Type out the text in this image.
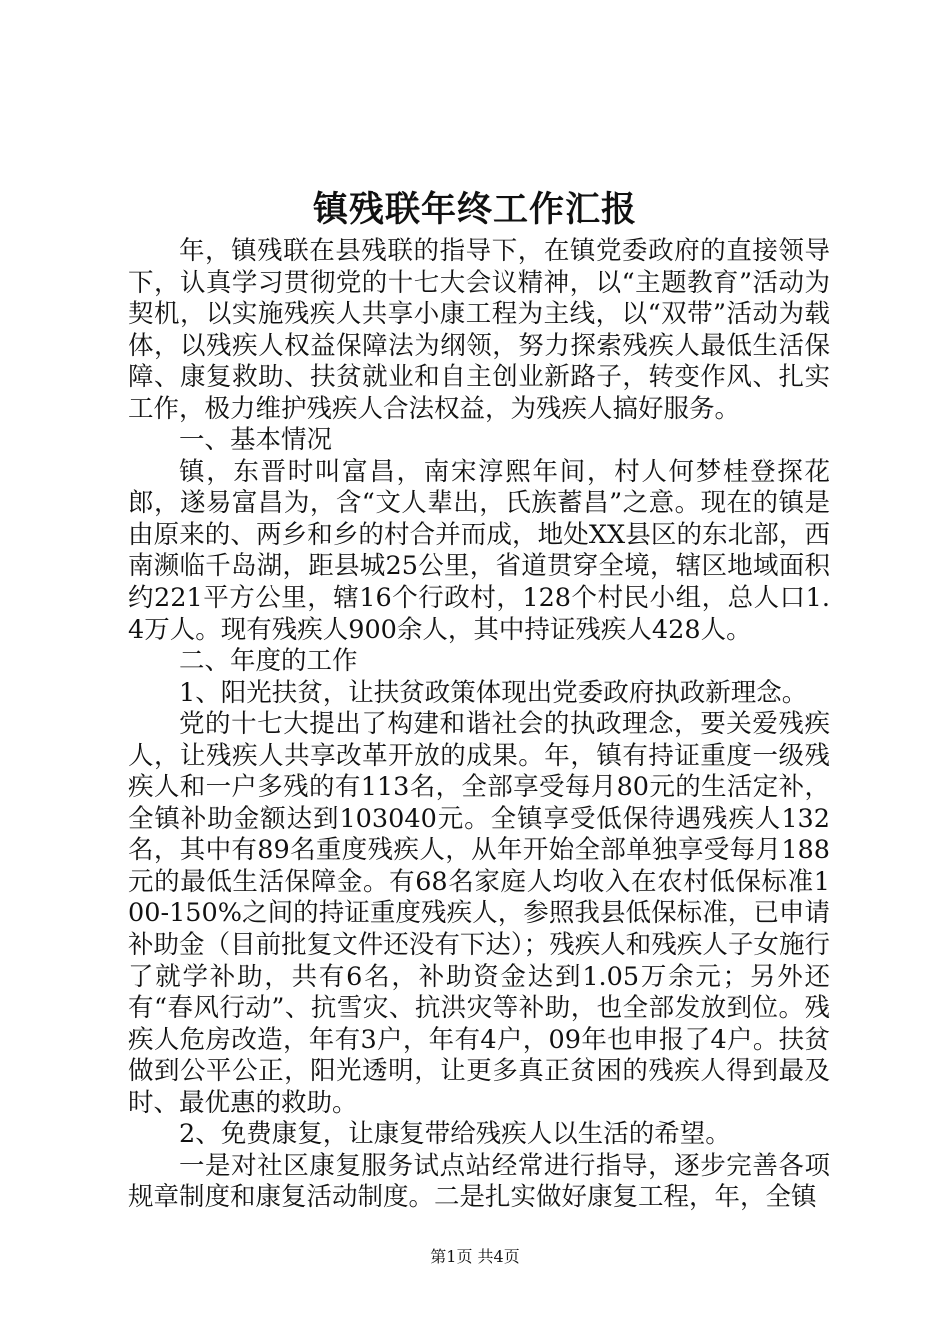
镇残联年终工作汇报

年，镇残联在县残联的指导下，在镇党委政府的直接领导下，认真学习贯彻党的十七大会议精神，以“主题教育”活动为契机，以实施残疾人共享小康工程为主线，以“双带”活动为载体，以残疾人权益保障法为纲领，努力探索残疾人最低生活保障、康复救助、扶贫就业和自主创业新路子，转变作风、扎实工作，极力维护残疾人合法权益，为残疾人搞好服务。

一、基本情况

镇，东晋时叫富昌，南宋淳熙年间，村人何梦桂登探花郎，遂易富昌为，含“文人辈出，氏族蓄昌”之意。现在的镇是由原来的、两乡和乡的村合并而成，地处XX县区的东北部，西南濒临千岛湖，距县城25公里，省道贯穿全境，辖区地域面积约221平方公里，辖16个行政村，128个村民小组，总人口1.4万人。现有残疾人900余人，其中持证残疾人428人。

二、年度的工作

1、阳光扶贫，让扶贫政策体现出党委政府执政新理念。

党的十七大提出了构建和谐社会的执政理念，要关爱残疾人，让残疾人共享改革开放的成果。年，镇有持证重度一级残疾人和一户多残的有113名，全部享受每月80元的生活定补，全镇补助金额达到103040元。全镇享受低保待遇残疾人132名，其中有89名重度残疾人，从年开始全部单独享受每月188元的最低生活保障金。有68名家庭人均收入在农村低保标准100-150%之间的持证重度残疾人，参照我县低保标准，已申请补助金（目前批复文件还没有下达）；残疾人和残疾人子女施行了就学补助，共有6名，补助资金达到1.05万余元；另外还有“春风行动”、抗雪灾、抗洪灾等补助，也全部发放到位。残疾人危房改造，年有3户，年有4户，09年也申报了4户。扶贫做到公平公正，阳光透明，让更多真正贫困的残疾人得到最及时、最优惠的救助。

2、免费康复，让康复带给残疾人以生活的希望。

一是对社区康复服务试点站经常进行指导，逐步完善各项规章制度和康复活动制度。二是扎实做好康复工程，年，全镇

第1页 共4页
